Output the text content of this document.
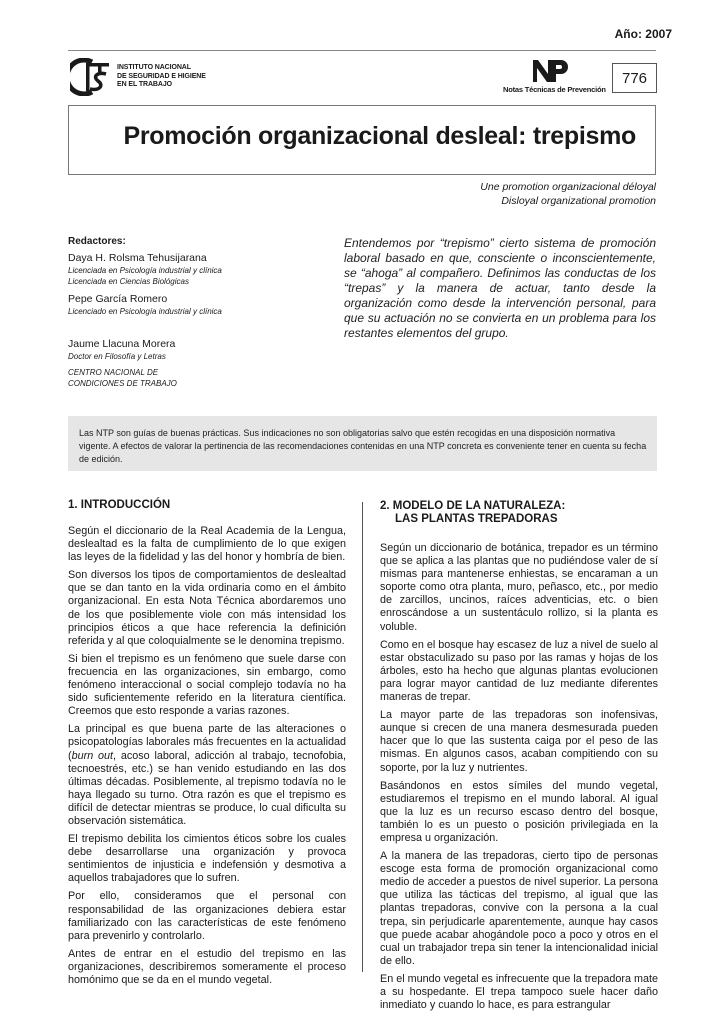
Año: 2007
INSTITUTO NACIONAL
DE SEGURIDAD E HIGIENE
EN EL TRABAJO
Notas Técnicas de Prevención
776
Promoción organizacional desleal: trepismo
Une promotion organizacional déloyal
Disloyal organizational promotion
Redactores:
Daya H. Rolsma Tehusijarana
Licenciada en Psicología industrial y clínica
Licenciada en Ciencias Biológicas
Pepe García Romero
Licenciado en Psicología industrial y clínica
Jaume Llacuna Morera
Doctor en Filosofía y Letras
CENTRO NACIONAL DE
CONDICIONES DE TRABAJO
Entendemos por “trepismo” cierto sistema de promoción laboral basado en que, consciente o inconscientemente, se “ahoga” al compañero. Definimos las conductas de los “trepas” y la manera de actuar, tanto desde la organización como desde la intervención personal, para que su actuación no se convierta en un problema para los restantes elementos del grupo.

Las NTP son guías de buenas prácticas. Sus indicaciones no son obligatorias salvo que estén recogidas en una disposición normativa vigente. A efectos de valorar la pertinencia de las recomendaciones contenidas en una NTP concreta es conveniente tener en cuenta su fecha de edición.

1. INTRODUCCIÓN

Según el diccionario de la Real Academia de la Lengua, deslealtad es la falta de cumplimiento de lo que exigen las leyes de la fidelidad y las del honor y hombría de bien.

Son diversos los tipos de comportamientos de deslealtad que se dan tanto en la vida ordinaria como en el ámbito organizacional. En esta Nota Técnica abordaremos uno de los que posiblemente viole con más intensidad los principios éticos a que hace referencia la definición referida y al que coloquialmente se le denomina trepismo.

Si bien el trepismo es un fenómeno que suele darse con frecuencia en las organizaciones, sin embargo, como fenómeno interaccional o social complejo todavía no ha sido suficientemente referido en la literatura científica. Creemos que esto responde a varias razones.

La principal es que buena parte de las alteraciones o psicopatologías laborales más frecuentes en la actualidad (burn out, acoso laboral, adicción al trabajo, tecnofobia, tecnoestrés, etc.) se han venido estudiando en las dos últimas décadas. Posiblemente, al trepismo todavía no le haya llegado su turno. Otra razón es que el trepismo es difícil de detectar mientras se produce, lo cual dificulta su observación sistemática.

El trepismo debilita los cimientos éticos sobre los cuales debe desarrollarse una organización y provoca sentimientos de injusticia e indefensión y desmotiva a aquellos trabajadores que lo sufren.

Por ello, consideramos que el personal con responsabilidad de las organizaciones debiera estar familiarizado con las características de este fenómeno para prevenirlo y controlarlo.

Antes de entrar en el estudio del trepismo en las organizaciones, describiremos someramente el proceso homónimo que se da en el mundo vegetal.

2. MODELO DE LA NATURALEZA:
LAS PLANTAS TREPADORAS

Según un diccionario de botánica, trepador es un término que se aplica a las plantas que no pudiéndose valer de sí mismas para mantenerse enhiestas, se encaraman a un soporte como otra planta, muro, peñasco, etc., por medio de zarcillos, uncinos, raíces adventicias, etc. o bien enroscándose a un sustentáculo rollizo, si la planta es voluble.

Como en el bosque hay escasez de luz a nivel de suelo al estar obstaculizado su paso por las ramas y hojas de los árboles, esto ha hecho que algunas plantas evolucionen para lograr mayor cantidad de luz mediante diferentes maneras de trepar.

La mayor parte de las trepadoras son inofensivas, aunque si crecen de una manera desmesurada pueden hacer que lo que las sustenta caiga por el peso de las mismas. En algunos casos, acaban compitiendo con su soporte, por la luz y nutrientes.

Basándonos en estos símiles del mundo vegetal, estudiaremos el trepismo en el mundo laboral. Al igual que la luz es un recurso escaso dentro del bosque, también lo es un puesto o posición privilegiada en la empresa u organización.

A la manera de las trepadoras, cierto tipo de personas escoge esta forma de promoción organizacional como medio de acceder a puestos de nivel superior. La persona que utiliza las tácticas del trepismo, al igual que las plantas trepadoras, convive con la persona a la cual trepa, sin perjudicarle aparentemente, aunque hay casos que puede acabar ahogándole poco a poco y otros en el cual un trabajador trepa sin tener la intencionalidad inicial de ello.

En el mundo vegetal es infrecuente que la trepadora mate a su hospedante. El trepa tampoco suele hacer daño inmediato y cuando lo hace, es para estrangular
